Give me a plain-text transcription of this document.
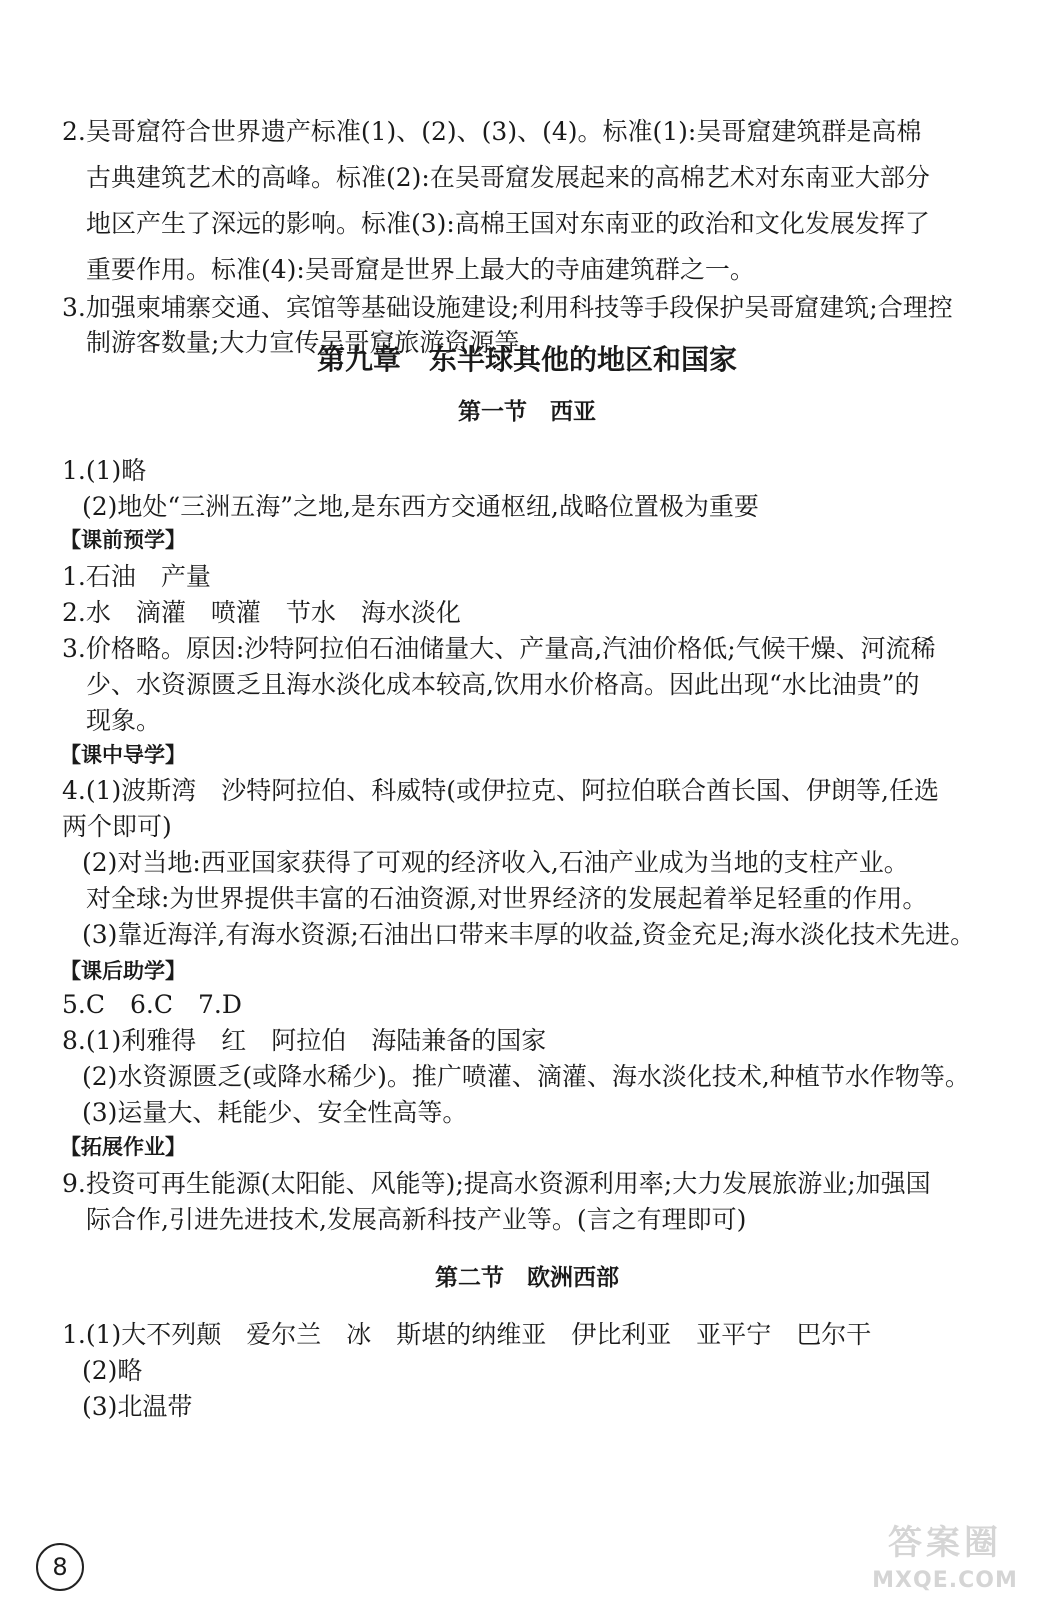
2.吴哥窟符合世界遗产标准(1)、(2)、(3)、(4)。标准(1):吴哥窟建筑群是高棉
古典建筑艺术的高峰。标准(2):在吴哥窟发展起来的高棉艺术对东南亚大部分
地区产生了深远的影响。标准(3):高棉王国对东南亚的政治和文化发展发挥了
重要作用。标准(4):吴哥窟是世界上最大的寺庙建筑群之一。
3.加强柬埔寨交通、宾馆等基础设施建设;利用科技等手段保护吴哥窟建筑;合理控
制游客数量;大力宣传吴哥窟旅游资源等。
第九章　东半球其他的地区和国家
第一节　西亚
1.(1)略
(2)地处“三洲五海”之地,是东西方交通枢纽,战略位置极为重要
【课前预学】
1.石油　产量
2.水　滴灌　喷灌　节水　海水淡化
3.价格略。原因:沙特阿拉伯石油储量大、产量高,汽油价格低;气候干燥、河流稀
少、水资源匮乏且海水淡化成本较高,饮用水价格高。因此出现“水比油贵”的
现象。
【课中导学】
4.(1)波斯湾　沙特阿拉伯、科威特(或伊拉克、阿拉伯联合酋长国、伊朗等,任选
两个即可)
(2)对当地:西亚国家获得了可观的经济收入,石油产业成为当地的支柱产业。
对全球:为世界提供丰富的石油资源,对世界经济的发展起着举足轻重的作用。
(3)靠近海洋,有海水资源;石油出口带来丰厚的收益,资金充足;海水淡化技术先进。
【课后助学】
5.C　6.C　7.D
8.(1)利雅得　红　阿拉伯　海陆兼备的国家
(2)水资源匮乏(或降水稀少)。推广喷灌、滴灌、海水淡化技术,种植节水作物等。
(3)运量大、耗能少、安全性高等。
【拓展作业】
9.投资可再生能源(太阳能、风能等);提高水资源利用率;大力发展旅游业;加强国
际合作,引进先进技术,发展高新科技产业等。(言之有理即可)
第二节　欧洲西部
1.(1)大不列颠　爱尔兰　冰　斯堪的纳维亚　伊比利亚　亚平宁　巴尔干
(2)略
(3)北温带
8
答案圈
MXQE.COM
